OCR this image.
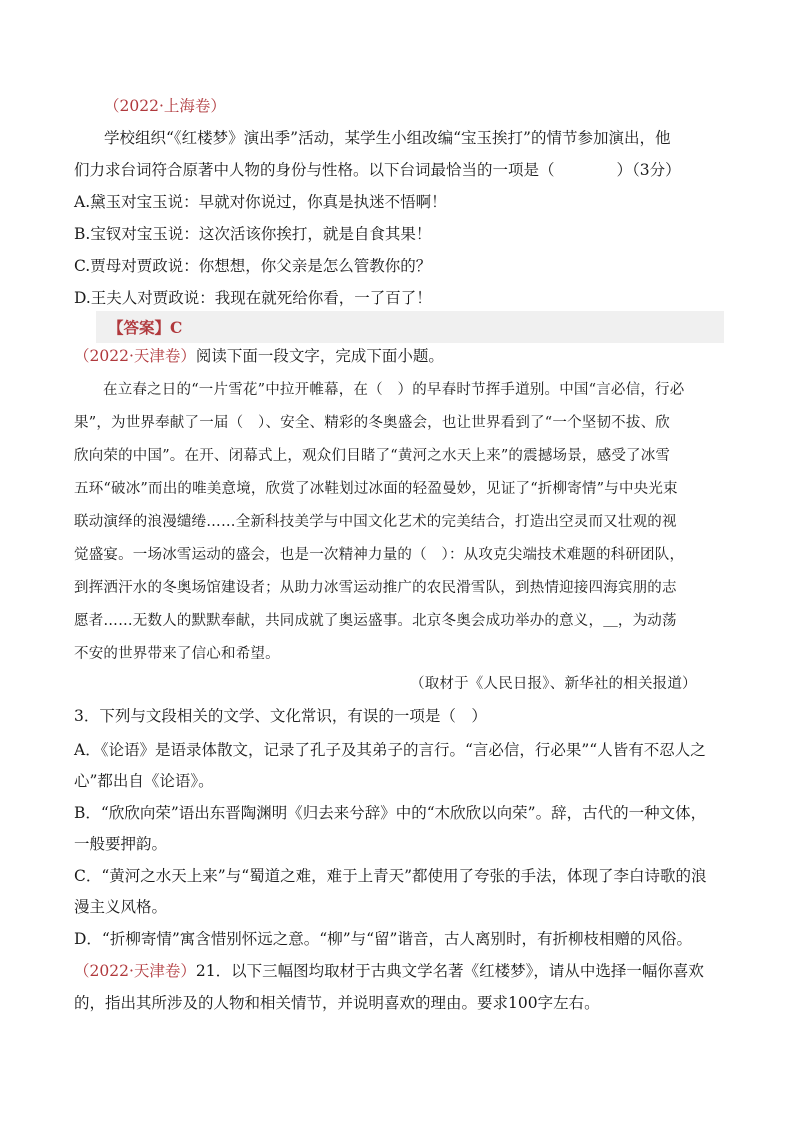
（2022·上海卷）
学校组织“《红楼梦》演出季”活动，某学生小组改编“宝玉挨打”的情节参加演出，他
们力求台词符合原著中人物的身份与性格。以下台词最恰当的一项是（　　　　）（3分）
A.黛玉对宝玉说：早就对你说过，你真是执迷不悟啊！
B.宝钗对宝玉说：这次活该你挨打，就是自食其果！
C.贾母对贾政说：你想想，你父亲是怎么管教你的？
D.王夫人对贾政说：我现在就死给你看，一了百了！
【答案】C
（2022·天津卷）阅读下面一段文字，完成下面小题。
在立春之日的“一片雪花”中拉开帷幕，在（　）的早春时节挥手道别。中国“言必信，行必
果”，为世界奉献了一届（　）、安全、精彩的冬奥盛会，也让世界看到了“一个坚韧不拔、欣
欣向荣的中国”。在开、闭幕式上，观众们目睹了“黄河之水天上来”的震撼场景，感受了冰雪
五环“破冰”而出的唯美意境，欣赏了冰鞋划过冰面的轻盈曼妙，见证了“折柳寄情”与中央光束
联动演绎的浪漫缱绻……全新科技美学与中国文化艺术的完美结合，打造出空灵而又壮观的视
觉盛宴。一场冰雪运动的盛会，也是一次精神力量的（　）：从攻克尖端技术难题的科研团队，
到挥洒汗水的冬奥场馆建设者；从助力冰雪运动推广的农民滑雪队，到热情迎接四海宾朋的志
愿者……无数人的默默奉献，共同成就了奥运盛事。北京冬奥会成功举办的意义，＿，为动荡
不安的世界带来了信心和希望。
（取材于《人民日报》、新华社的相关报道）
3．下列与文段相关的文学、文化常识，有误的一项是（　）
A．《论语》是语录体散文，记录了孔子及其弟子的言行。“言必信，行必果”“人皆有不忍人之
心”都出自《论语》。
B．“欣欣向荣”语出东晋陶渊明《归去来兮辞》中的“木欣欣以向荣”。辞，古代的一种文体，
一般要押韵。
C．“黄河之水天上来”与“蜀道之难，难于上青天”都使用了夸张的手法，体现了李白诗歌的浪
漫主义风格。
D．“折柳寄情”寓含惜别怀远之意。“柳”与“留”谐音，古人离别时，有折柳枝相赠的风俗。
（2022·天津卷）21．以下三幅图均取材于古典文学名著《红楼梦》，请从中选择一幅你喜欢
的，指出其所涉及的人物和相关情节，并说明喜欢的理由。要求100字左右。
